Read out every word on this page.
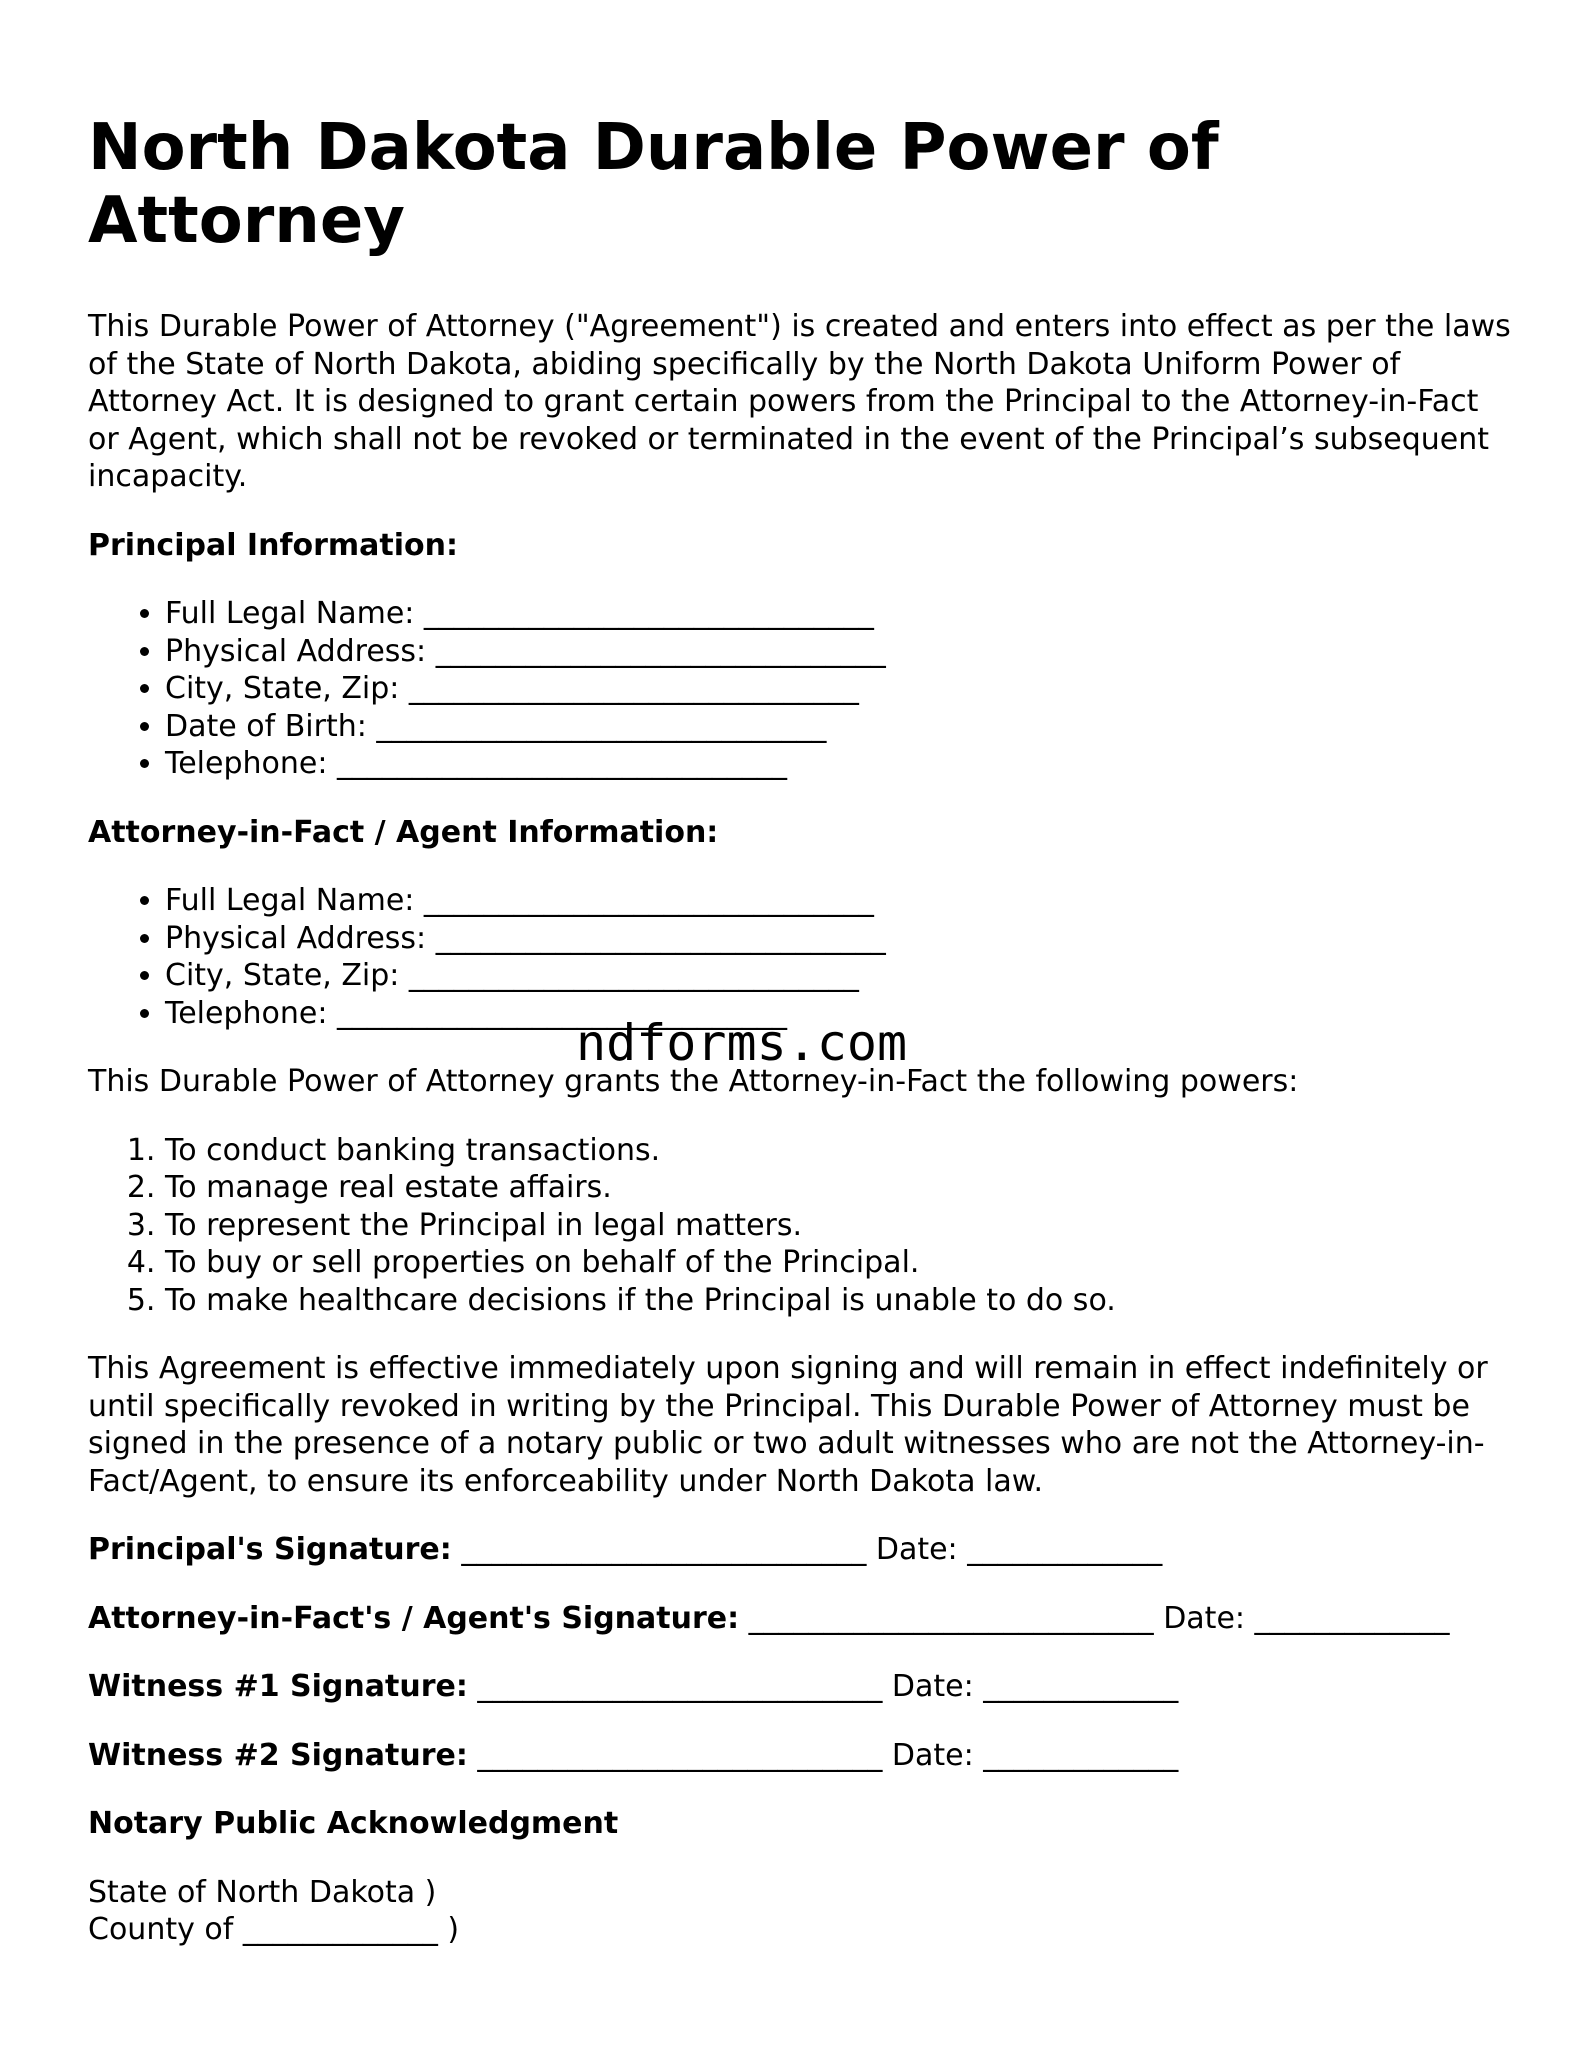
North Dakota Durable Power of Attorney

This Durable Power of Attorney ("Agreement") is created and enters into effect as per the laws of the State of North Dakota, abiding specifically by the North Dakota Uniform Power of Attorney Act. It is designed to grant certain powers from the Principal to the Attorney-in-Fact or Agent, which shall not be revoked or terminated in the event of the Principal’s subsequent incapacity.

Principal Information:

• Full Legal Name: ______________________________
• Physical Address: ______________________________
• City, State, Zip: ______________________________
• Date of Birth: ______________________________
• Telephone: ______________________________

Attorney-in-Fact / Agent Information:

• Full Legal Name: ______________________________
• Physical Address: ______________________________
• City, State, Zip: ______________________________
• Telephone: ______________________________

This Durable Power of Attorney grants the Attorney-in-Fact the following powers:

1. To conduct banking transactions.
2. To manage real estate affairs.
3. To represent the Principal in legal matters.
4. To buy or sell properties on behalf of the Principal.
5. To make healthcare decisions if the Principal is unable to do so.

This Agreement is effective immediately upon signing and will remain in effect indefinitely or until specifically revoked in writing by the Principal. This Durable Power of Attorney must be signed in the presence of a notary public or two adult witnesses who are not the Attorney-in-Fact/Agent, to ensure its enforceability under North Dakota law.

Principal's Signature: ___________________________ Date: _____________

Attorney-in-Fact's / Agent's Signature: ___________________________ Date: _____________

Witness #1 Signature: ___________________________ Date: _____________

Witness #2 Signature: ___________________________ Date: _____________

Notary Public Acknowledgment

State of North Dakota )

County of _____________ )

ndforms.com
